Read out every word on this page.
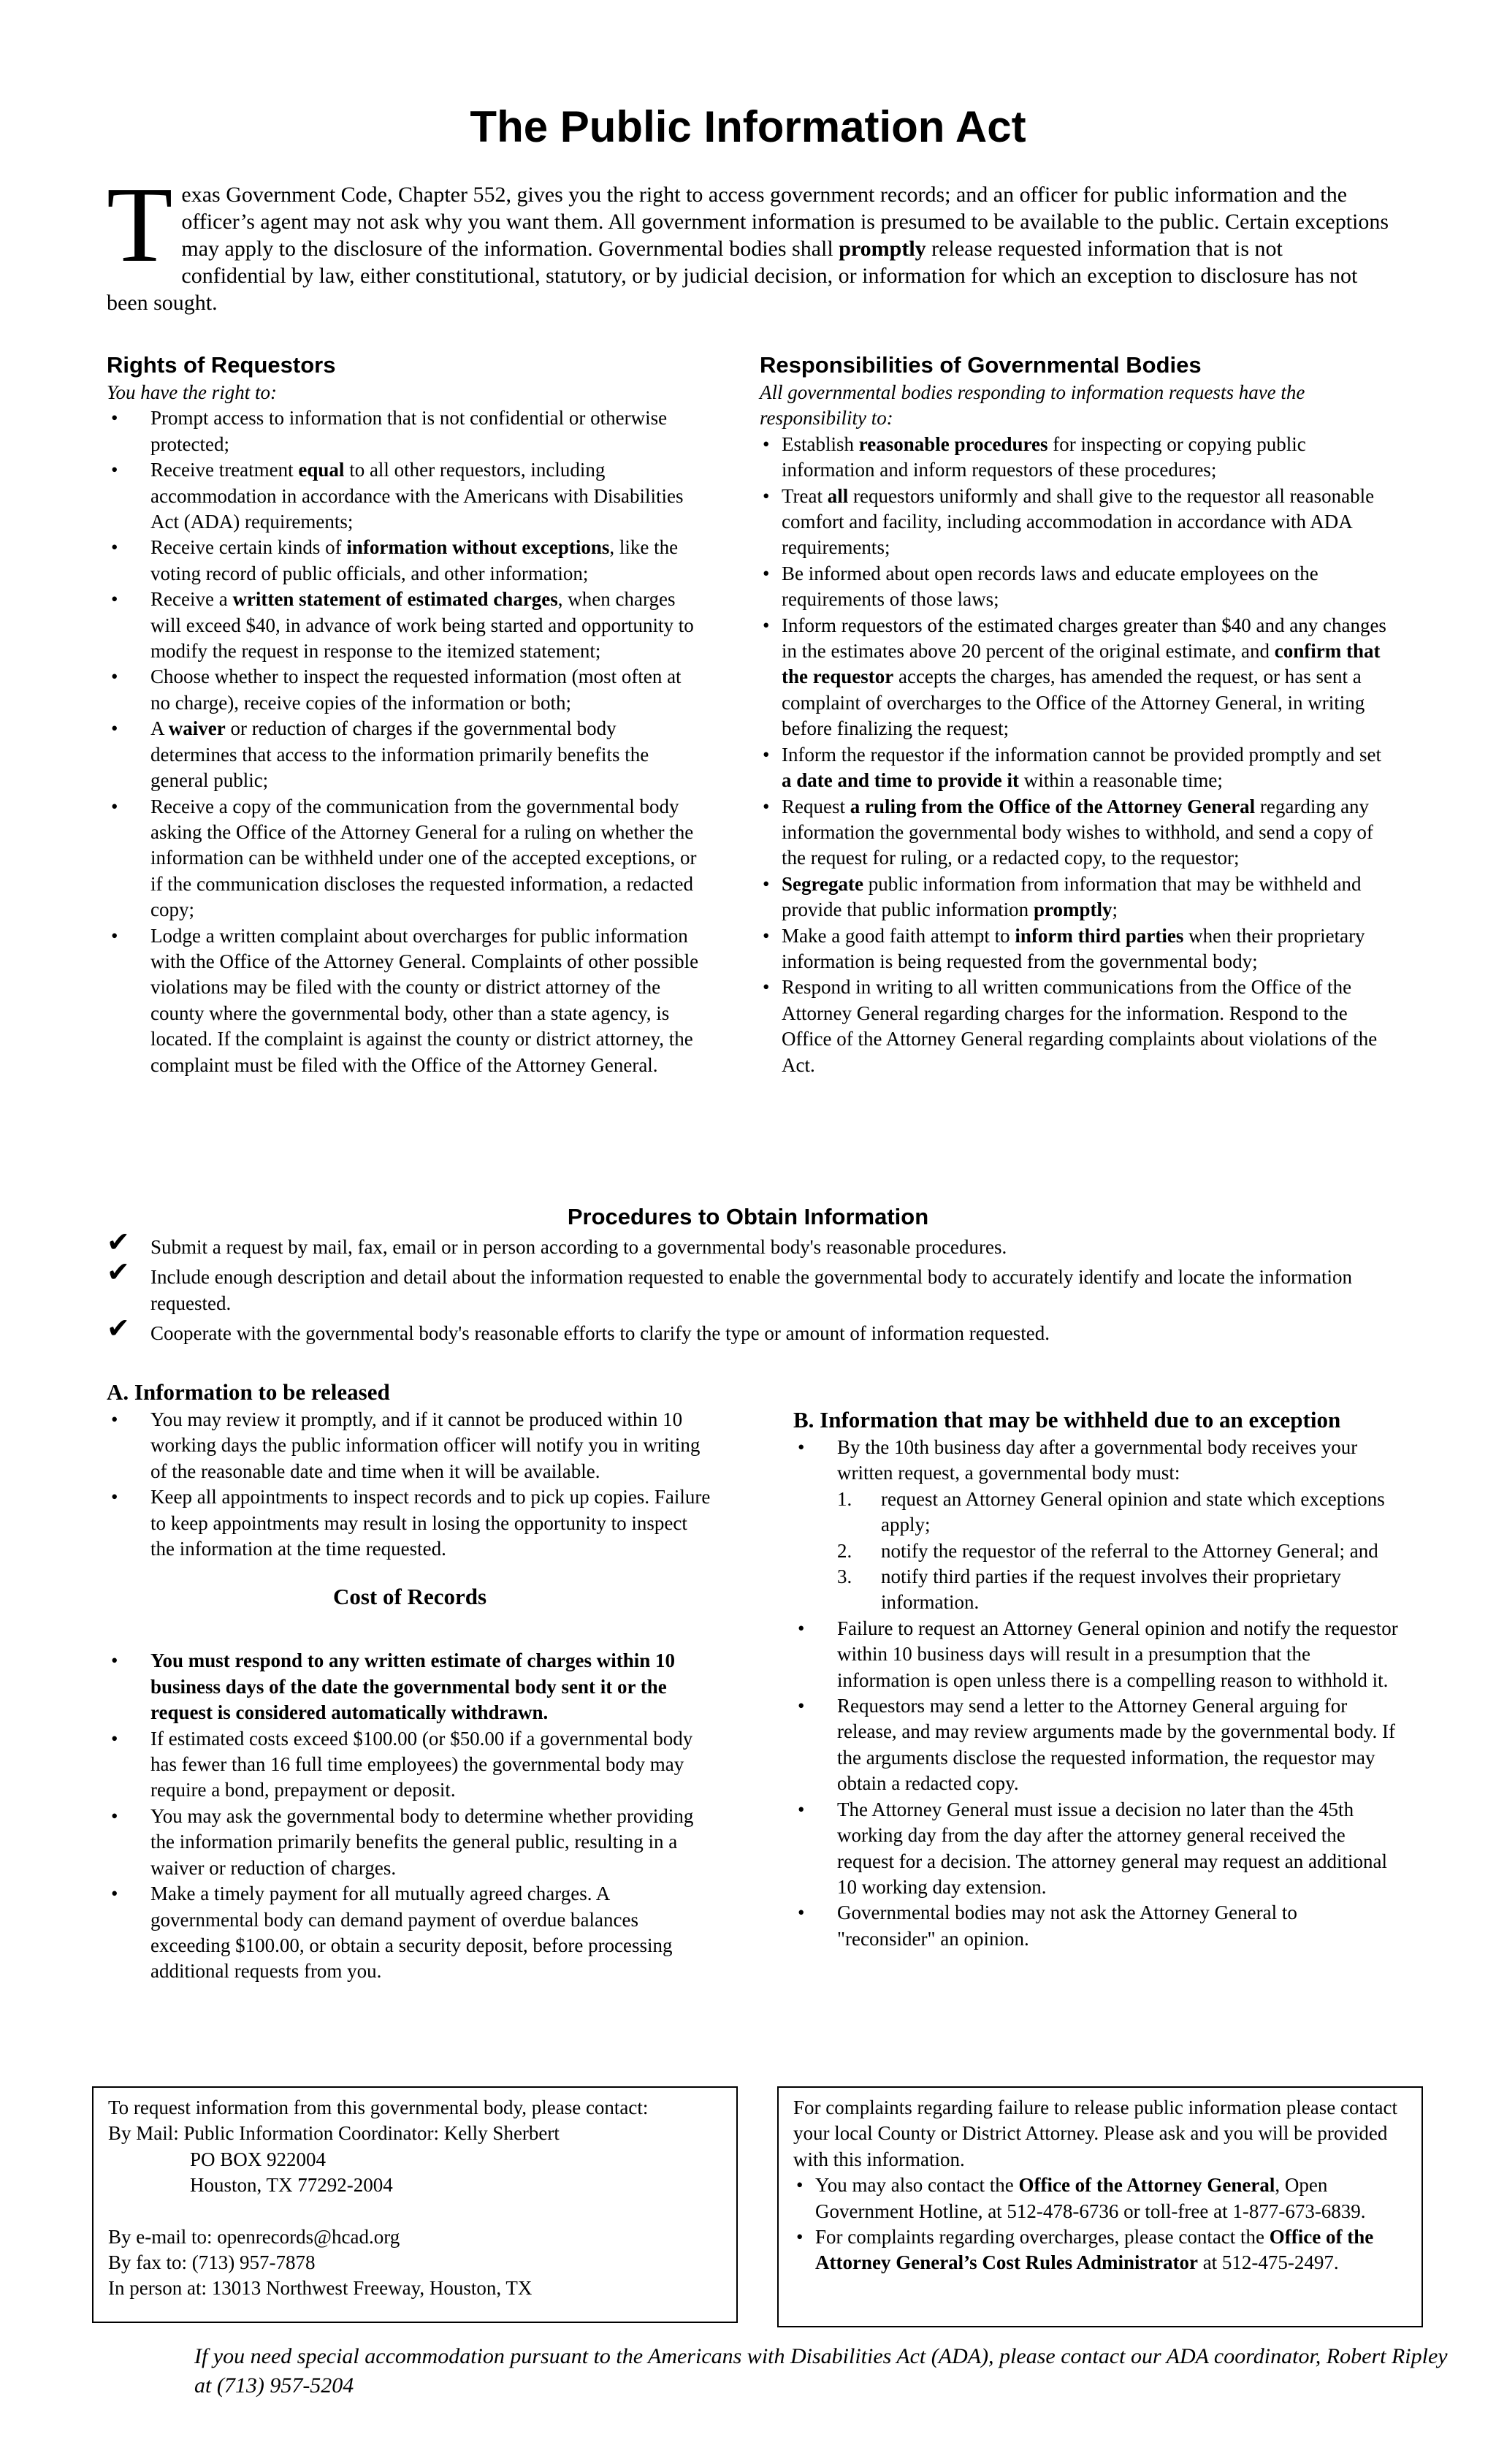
The Public Information Act
Texas Government Code, Chapter 552, gives you the right to access government records; and an officer for public information and the officer’s agent may not ask why you want them. All government information is presumed to be available to the public. Certain exceptions may apply to the disclosure of the information. Governmental bodies shall promptly release requested information that is not confidential by law, either constitutional, statutory, or by judicial decision, or information for which an exception to disclosure has not been sought.
Rights of Requestors
You have the right to:
• Prompt access to information that is not confidential or otherwise protected;
• Receive treatment equal to all other requestors, including accommodation in accordance with the Americans with Disabilities Act (ADA) requirements;
• Receive certain kinds of information without exceptions, like the voting record of public officials, and other information;
• Receive a written statement of estimated charges, when charges will exceed $40, in advance of work being started and opportunity to modify the request in response to the itemized statement;
• Choose whether to inspect the requested information (most often at no charge), receive copies of the information or both;
• A waiver or reduction of charges if the governmental body determines that access to the information primarily benefits the general public;
• Receive a copy of the communication from the governmental body asking the Office of the Attorney General for a ruling on whether the information can be withheld under one of the accepted exceptions, or if the communication discloses the requested information, a redacted copy;
• Lodge a written complaint about overcharges for public information with the Office of the Attorney General. Complaints of other possible violations may be filed with the county or district attorney of the county where the governmental body, other than a state agency, is located. If the complaint is against the county or district attorney, the complaint must be filed with the Office of the Attorney General.
Responsibilities of Governmental Bodies
All governmental bodies responding to information requests have the responsibility to:
• Establish reasonable procedures for inspecting or copying public information and inform requestors of these procedures;
• Treat all requestors uniformly and shall give to the requestor all reasonable comfort and facility, including accommodation in accordance with ADA requirements;
• Be informed about open records laws and educate employees on the requirements of those laws;
• Inform requestors of the estimated charges greater than $40 and any changes in the estimates above 20 percent of the original estimate, and confirm that the requestor accepts the charges, has amended the request, or has sent a complaint of overcharges to the Office of the Attorney General, in writing before finalizing the request;
• Inform the requestor if the information cannot be provided promptly and set a date and time to provide it within a reasonable time;
• Request a ruling from the Office of the Attorney General regarding any information the governmental body wishes to withhold, and send a copy of the request for ruling, or a redacted copy, to the requestor;
• Segregate public information from information that may be withheld and provide that public information promptly;
• Make a good faith attempt to inform third parties when their proprietary information is being requested from the governmental body;
• Respond in writing to all written communications from the Office of the Attorney General regarding charges for the information. Respond to the Office of the Attorney General regarding complaints about violations of the Act.
Procedures to Obtain Information
✔ Submit a request by mail, fax, email or in person according to a governmental body's reasonable procedures.
✔ Include enough description and detail about the information requested to enable the governmental body to accurately identify and locate the information requested.
✔ Cooperate with the governmental body's reasonable efforts to clarify the type or amount of information requested.
A. Information to be released
• You may review it promptly, and if it cannot be produced within 10 working days the public information officer will notify you in writing of the reasonable date and time when it will be available.
• Keep all appointments to inspect records and to pick up copies. Failure to keep appointments may result in losing the opportunity to inspect the information at the time requested.
Cost of Records
• You must respond to any written estimate of charges within 10 business days of the date the governmental body sent it or the request is considered automatically withdrawn.
• If estimated costs exceed $100.00 (or $50.00 if a governmental body has fewer than 16 full time employees) the governmental body may require a bond, prepayment or deposit.
• You may ask the governmental body to determine whether providing the information primarily benefits the general public, resulting in a waiver or reduction of charges.
• Make a timely payment for all mutually agreed charges. A governmental body can demand payment of overdue balances exceeding $100.00, or obtain a security deposit, before processing additional requests from you.
B. Information that may be withheld due to an exception
• By the 10th business day after a governmental body receives your written request, a governmental body must:
1. request an Attorney General opinion and state which exceptions apply;
2. notify the requestor of the referral to the Attorney General; and
3. notify third parties if the request involves their proprietary information.
• Failure to request an Attorney General opinion and notify the requestor within 10 business days will result in a presumption that the information is open unless there is a compelling reason to withhold it.
• Requestors may send a letter to the Attorney General arguing for release, and may review arguments made by the governmental body. If the arguments disclose the requested information, the requestor may obtain a redacted copy.
• The Attorney General must issue a decision no later than the 45th working day from the day after the attorney general received the request for a decision. The attorney general may request an additional 10 working day extension.
• Governmental bodies may not ask the Attorney General to "reconsider" an opinion.
To request information from this governmental body, please contact:
By Mail: Public Information Coordinator: Kelly Sherbert
PO BOX 922004
Houston, TX 77292-2004
By e-mail to: openrecords@hcad.org
By fax to: (713) 957-7878
In person at: 13013 Northwest Freeway, Houston, TX
For complaints regarding failure to release public information please contact your local County or District Attorney. Please ask and you will be provided with this information.
• You may also contact the Office of the Attorney General, Open Government Hotline, at 512-478-6736 or toll-free at 1-877-673-6839.
• For complaints regarding overcharges, please contact the Office of the Attorney General’s Cost Rules Administrator at 512-475-2497.
If you need special accommodation pursuant to the Americans with Disabilities Act (ADA), please contact our ADA coordinator, Robert Ripley at (713) 957-5204
